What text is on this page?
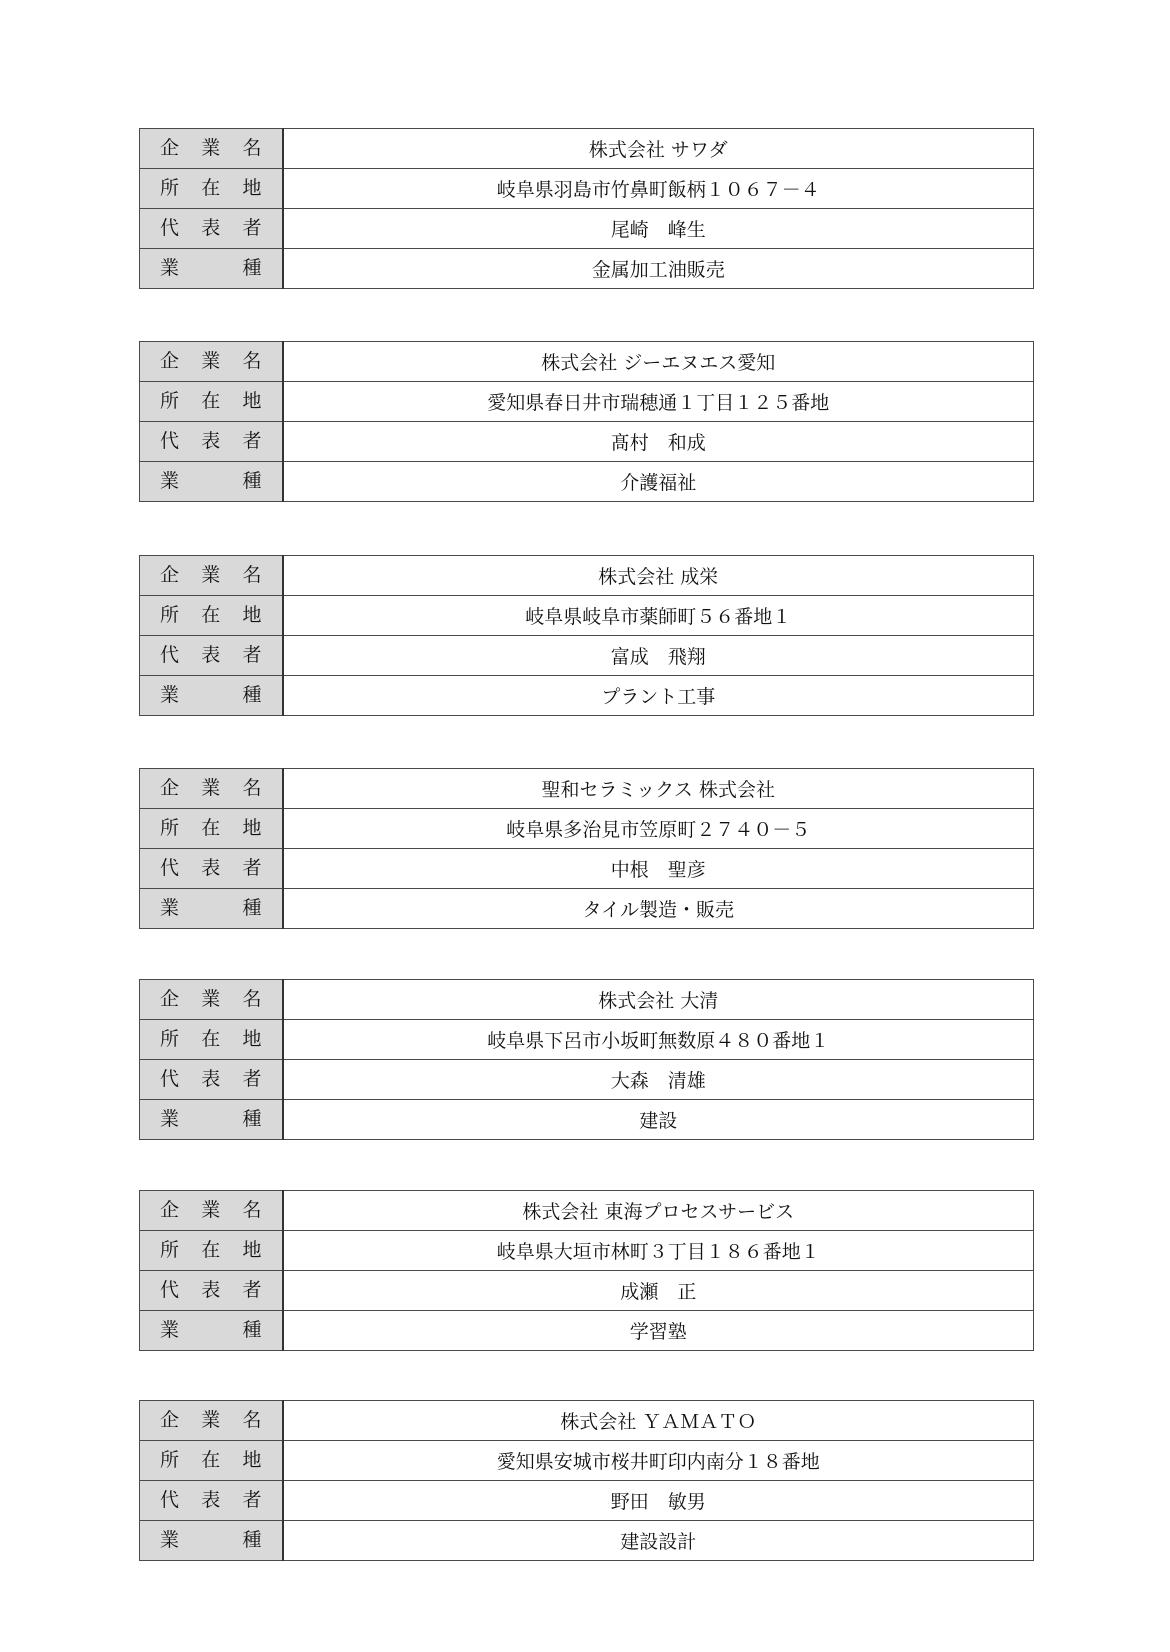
企 業 名	株式会社 サワダ

所 在 地	岐阜県羽島市竹鼻町飯柄１０６７－４

代 表 者	尾崎　峰生

業 種	金属加工油販売
企 業 名	株式会社 ジーエヌエス愛知

所 在 地	愛知県春日井市瑞穂通１丁目１２５番地

代 表 者	髙村　和成

業 種	介護福祉
企 業 名	株式会社 成栄

所 在 地	岐阜県岐阜市薬師町５６番地１

代 表 者	富成　飛翔

業 種	プラント工事
企 業 名	聖和セラミックス 株式会社

所 在 地	岐阜県多治見市笠原町２７４０－５

代 表 者	中根　聖彦

業 種	タイル製造・販売
企 業 名	株式会社 大清

所 在 地	岐阜県下呂市小坂町無数原４８０番地１

代 表 者	大森　清雄

業 種	建設
企 業 名	株式会社 東海プロセスサービス

所 在 地	岐阜県大垣市林町３丁目１８６番地１

代 表 者	成瀬　正

業 種	学習塾
企 業 名	株式会社 ＹＡＭＡＴＯ

所 在 地	愛知県安城市桜井町印内南分１８番地

代 表 者	野田　敏男

業 種	建設設計
